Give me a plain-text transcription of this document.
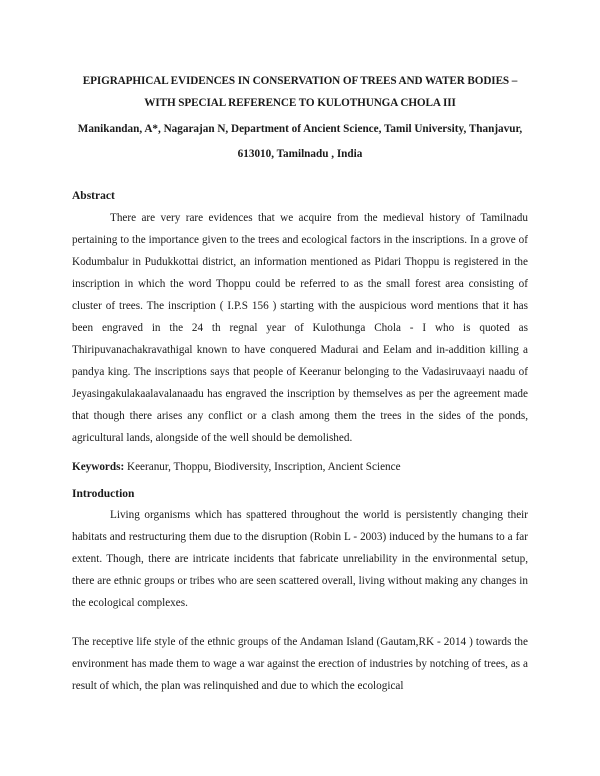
EPIGRAPHICAL EVIDENCES IN CONSERVATION OF TREES AND WATER BODIES – WITH SPECIAL REFERENCE TO KULOTHUNGA CHOLA III
Manikandan, A*, Nagarajan N, Department of Ancient Science, Tamil University, Thanjavur, 613010, Tamilnadu , India
Abstract
There are very rare evidences that we acquire from the medieval history of Tamilnadu pertaining to the importance given to the trees and ecological factors in the inscriptions. In a grove of Kodumbalur in Pudukkottai district, an information mentioned as Pidari Thoppu is registered in the inscription in which the word Thoppu could be referred to as the small forest area consisting of cluster of trees. The inscription ( I.P.S 156 ) starting with the auspicious word mentions that it has been engraved in the 24 th regnal year of Kulothunga Chola - I who is quoted as Thiripuvanachakravathigal known to have conquered Madurai and Eelam and in-addition killing a pandya king. The inscriptions says that people of Keeranur belonging to the Vadasiruvaayi naadu of Jeyasingakulakaalavalanaadu has engraved the inscription by themselves as per the agreement made that though there arises any conflict or a clash among them the trees in the sides of the ponds, agricultural lands, alongside of the well should be demolished.
Keywords: Keeranur, Thoppu, Biodiversity, Inscription, Ancient Science
Introduction
Living organisms which has spattered throughout the world is persistently changing their habitats and restructuring them due to the disruption (Robin L - 2003) induced by the humans to a far extent. Though, there are intricate incidents that fabricate unreliability in the environmental setup, there are ethnic groups or tribes who are seen scattered overall, living without making any changes in the ecological complexes.
The receptive life style of the ethnic groups of the Andaman Island (Gautam,RK - 2014 ) towards the environment has made them to wage a war against the erection of industries by notching of trees, as a result of which, the plan was relinquished and due to which the ecological
